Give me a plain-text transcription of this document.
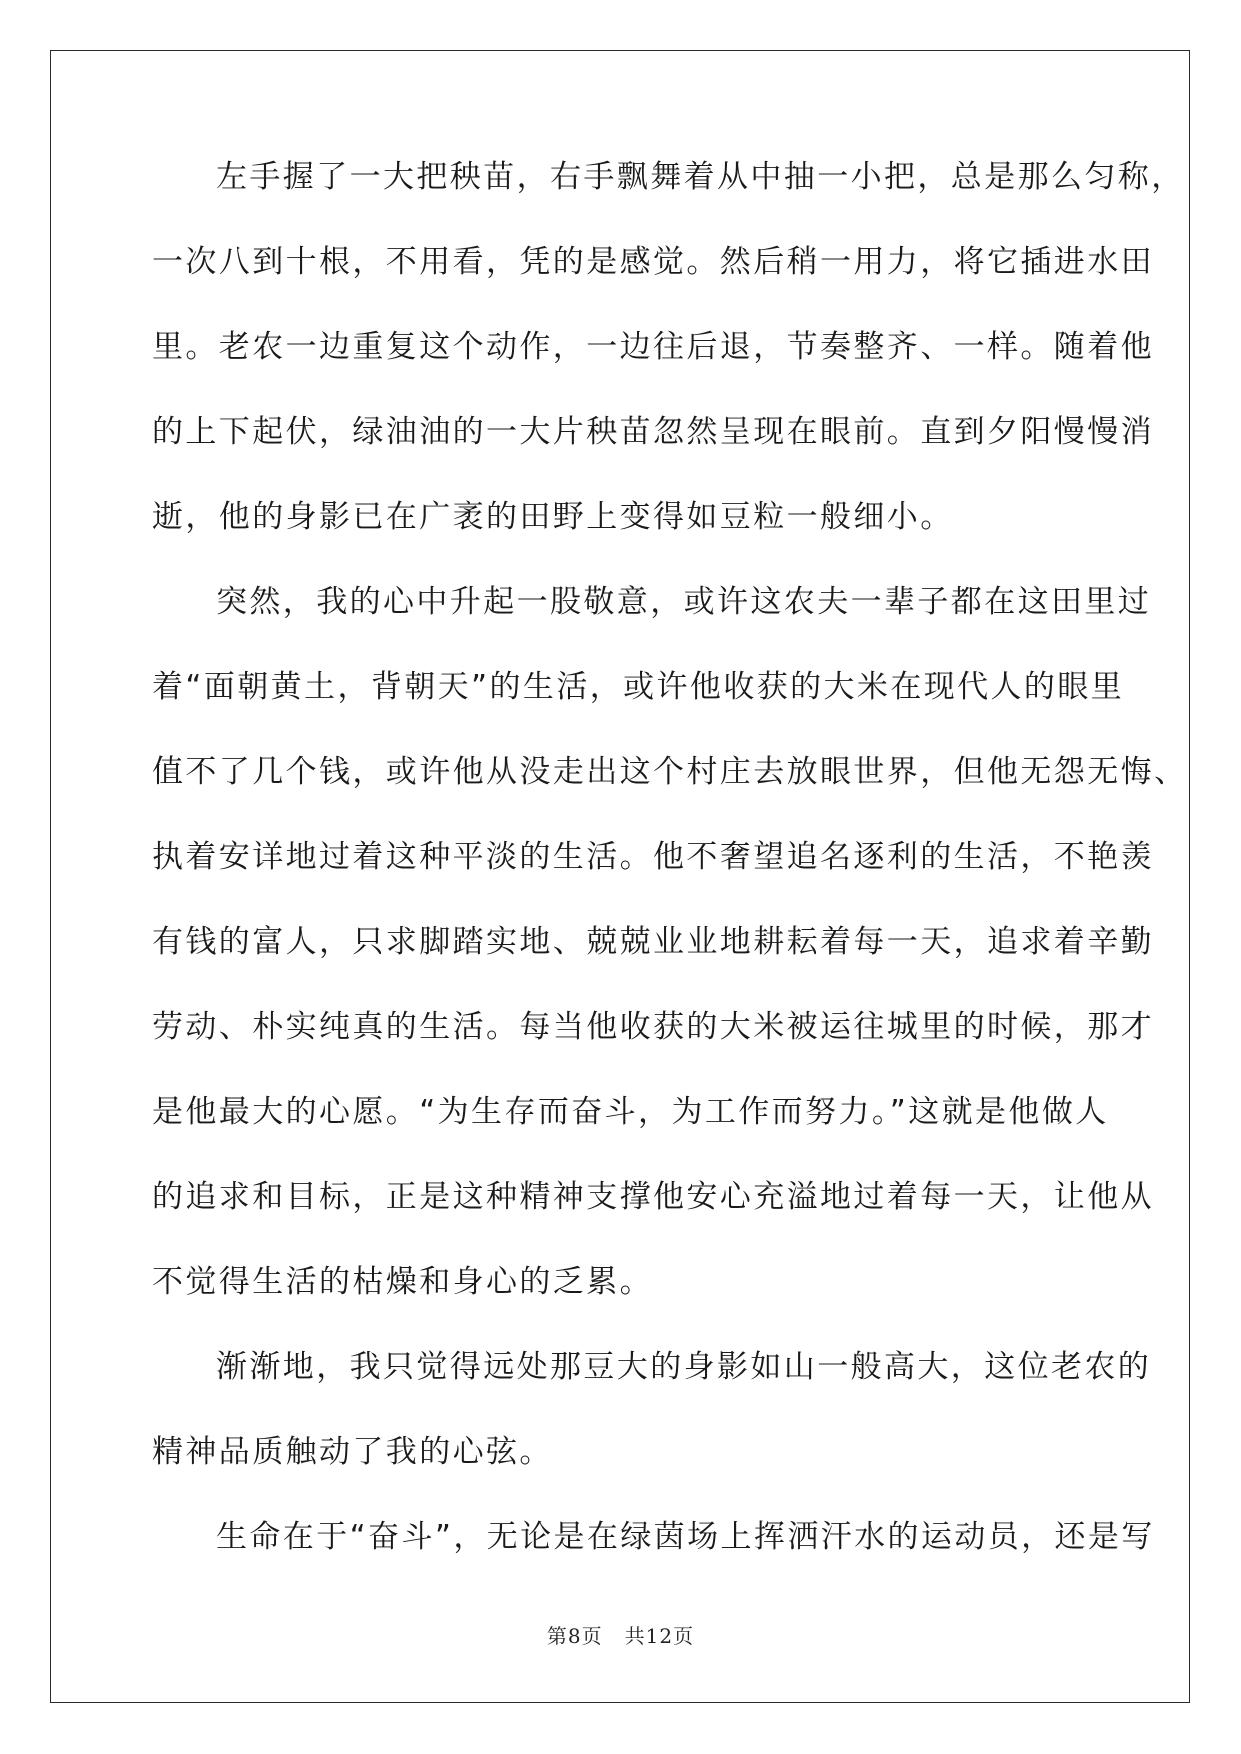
左手握了一大把秧苗，右手飘舞着从中抽一小把，总是那么匀称，
一次八到十根，不用看，凭的是感觉。然后稍一用力，将它插进水田
里。老农一边重复这个动作，一边往后退，节奏整齐、一样。随着他
的上下起伏，绿油油的一大片秧苗忽然呈现在眼前。直到夕阳慢慢消
逝，他的身影已在广袤的田野上变得如豆粒一般细小。
突然，我的心中升起一股敬意，或许这农夫一辈子都在这田里过
着“面朝黄土，背朝天”的生活，或许他收获的大米在现代人的眼里
值不了几个钱，或许他从没走出这个村庄去放眼世界，但他无怨无悔、
执着安详地过着这种平淡的生活。他不奢望追名逐利的生活，不艳羡
有钱的富人，只求脚踏实地、兢兢业业地耕耘着每一天，追求着辛勤
劳动、朴实纯真的生活。每当他收获的大米被运往城里的时候，那才
是他最大的心愿。“为生存而奋斗，为工作而努力。”这就是他做人
的追求和目标，正是这种精神支撑他安心充溢地过着每一天，让他从
不觉得生活的枯燥和身心的乏累。
渐渐地，我只觉得远处那豆大的身影如山一般高大，这位老农的
精神品质触动了我的心弦。
生命在于“奋斗”，无论是在绿茵场上挥洒汗水的运动员，还是写
第8页 共12页
